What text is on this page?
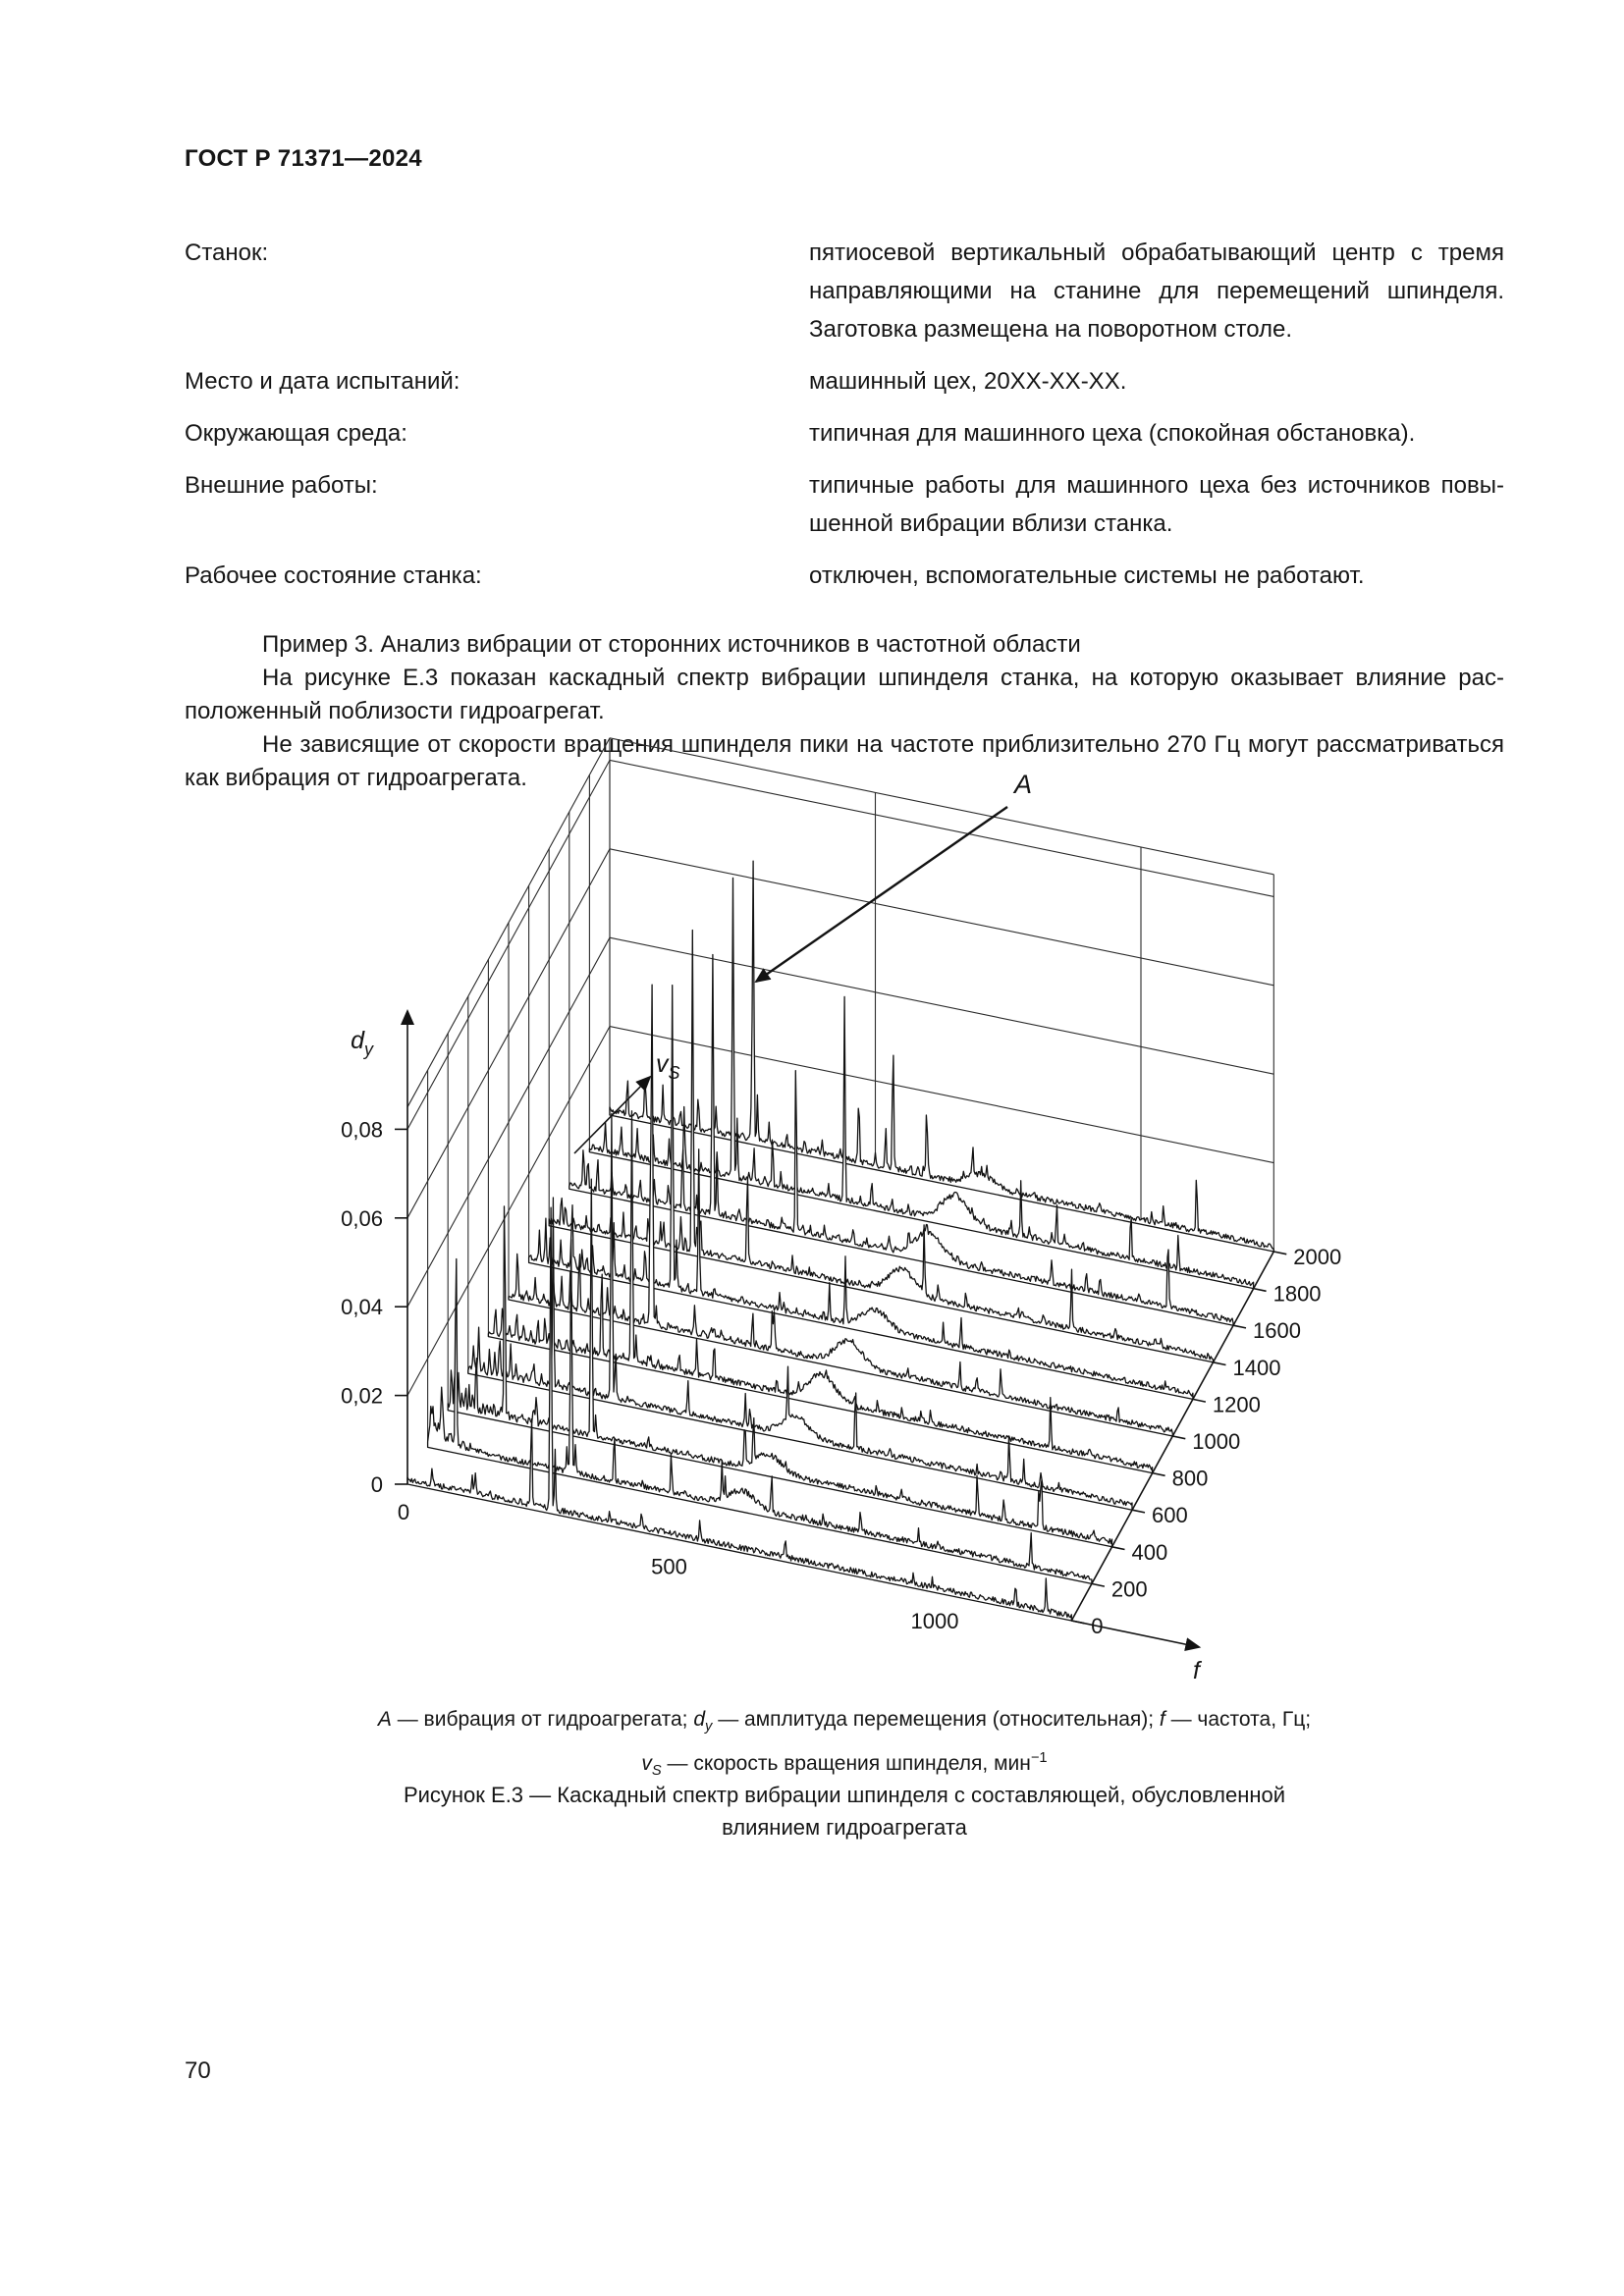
ГОСТ Р 71371—2024
Станок:	пятиосевой вертикальный обрабатывающий центр с тремя направляющими на станине для перемещений шпинделя. Заготовка размещена на поворотном столе.
Место и дата испытаний:	машинный цех, 20XX-XX-XX.
Окружающая среда:	типичная для машинного цеха (спокойная обстановка).
Внешние работы:	типичные работы для машинного цеха без источников повышенной вибрации вблизи станка.
Рабочее состояние станка:	отключен, вспомогательные системы не работают.

Пример 3. Анализ вибрации от сторонних источников в частотной области

На рисунке Е.3 показан каскадный спектр вибрации шпинделя станка, на которую оказывает влияние расположенный поблизости гидроагрегат.

Не зависящие от скорости вращения шпинделя пики на частоте приблизительно 270 Гц могут рассматриваться как вибрация от гидроагрегата.

0
0,02
0,04
0,06
0,08
$d_y$
0
500
1000
f
0
200
400
600
800
1000
1200
1400
1600
1800
2000
$v_S$
A
А — вибрация от гидроагрегата; $d_y$ — амплитуда перемещения (относительная); f — частота, Гц;
$v_S$ — скорость вращения шпинделя, мин$^{-1}$
Рисунок Е.3 — Каскадный спектр вибрации шпинделя с составляющей, обусловленной
влиянием гидроагрегата
70
